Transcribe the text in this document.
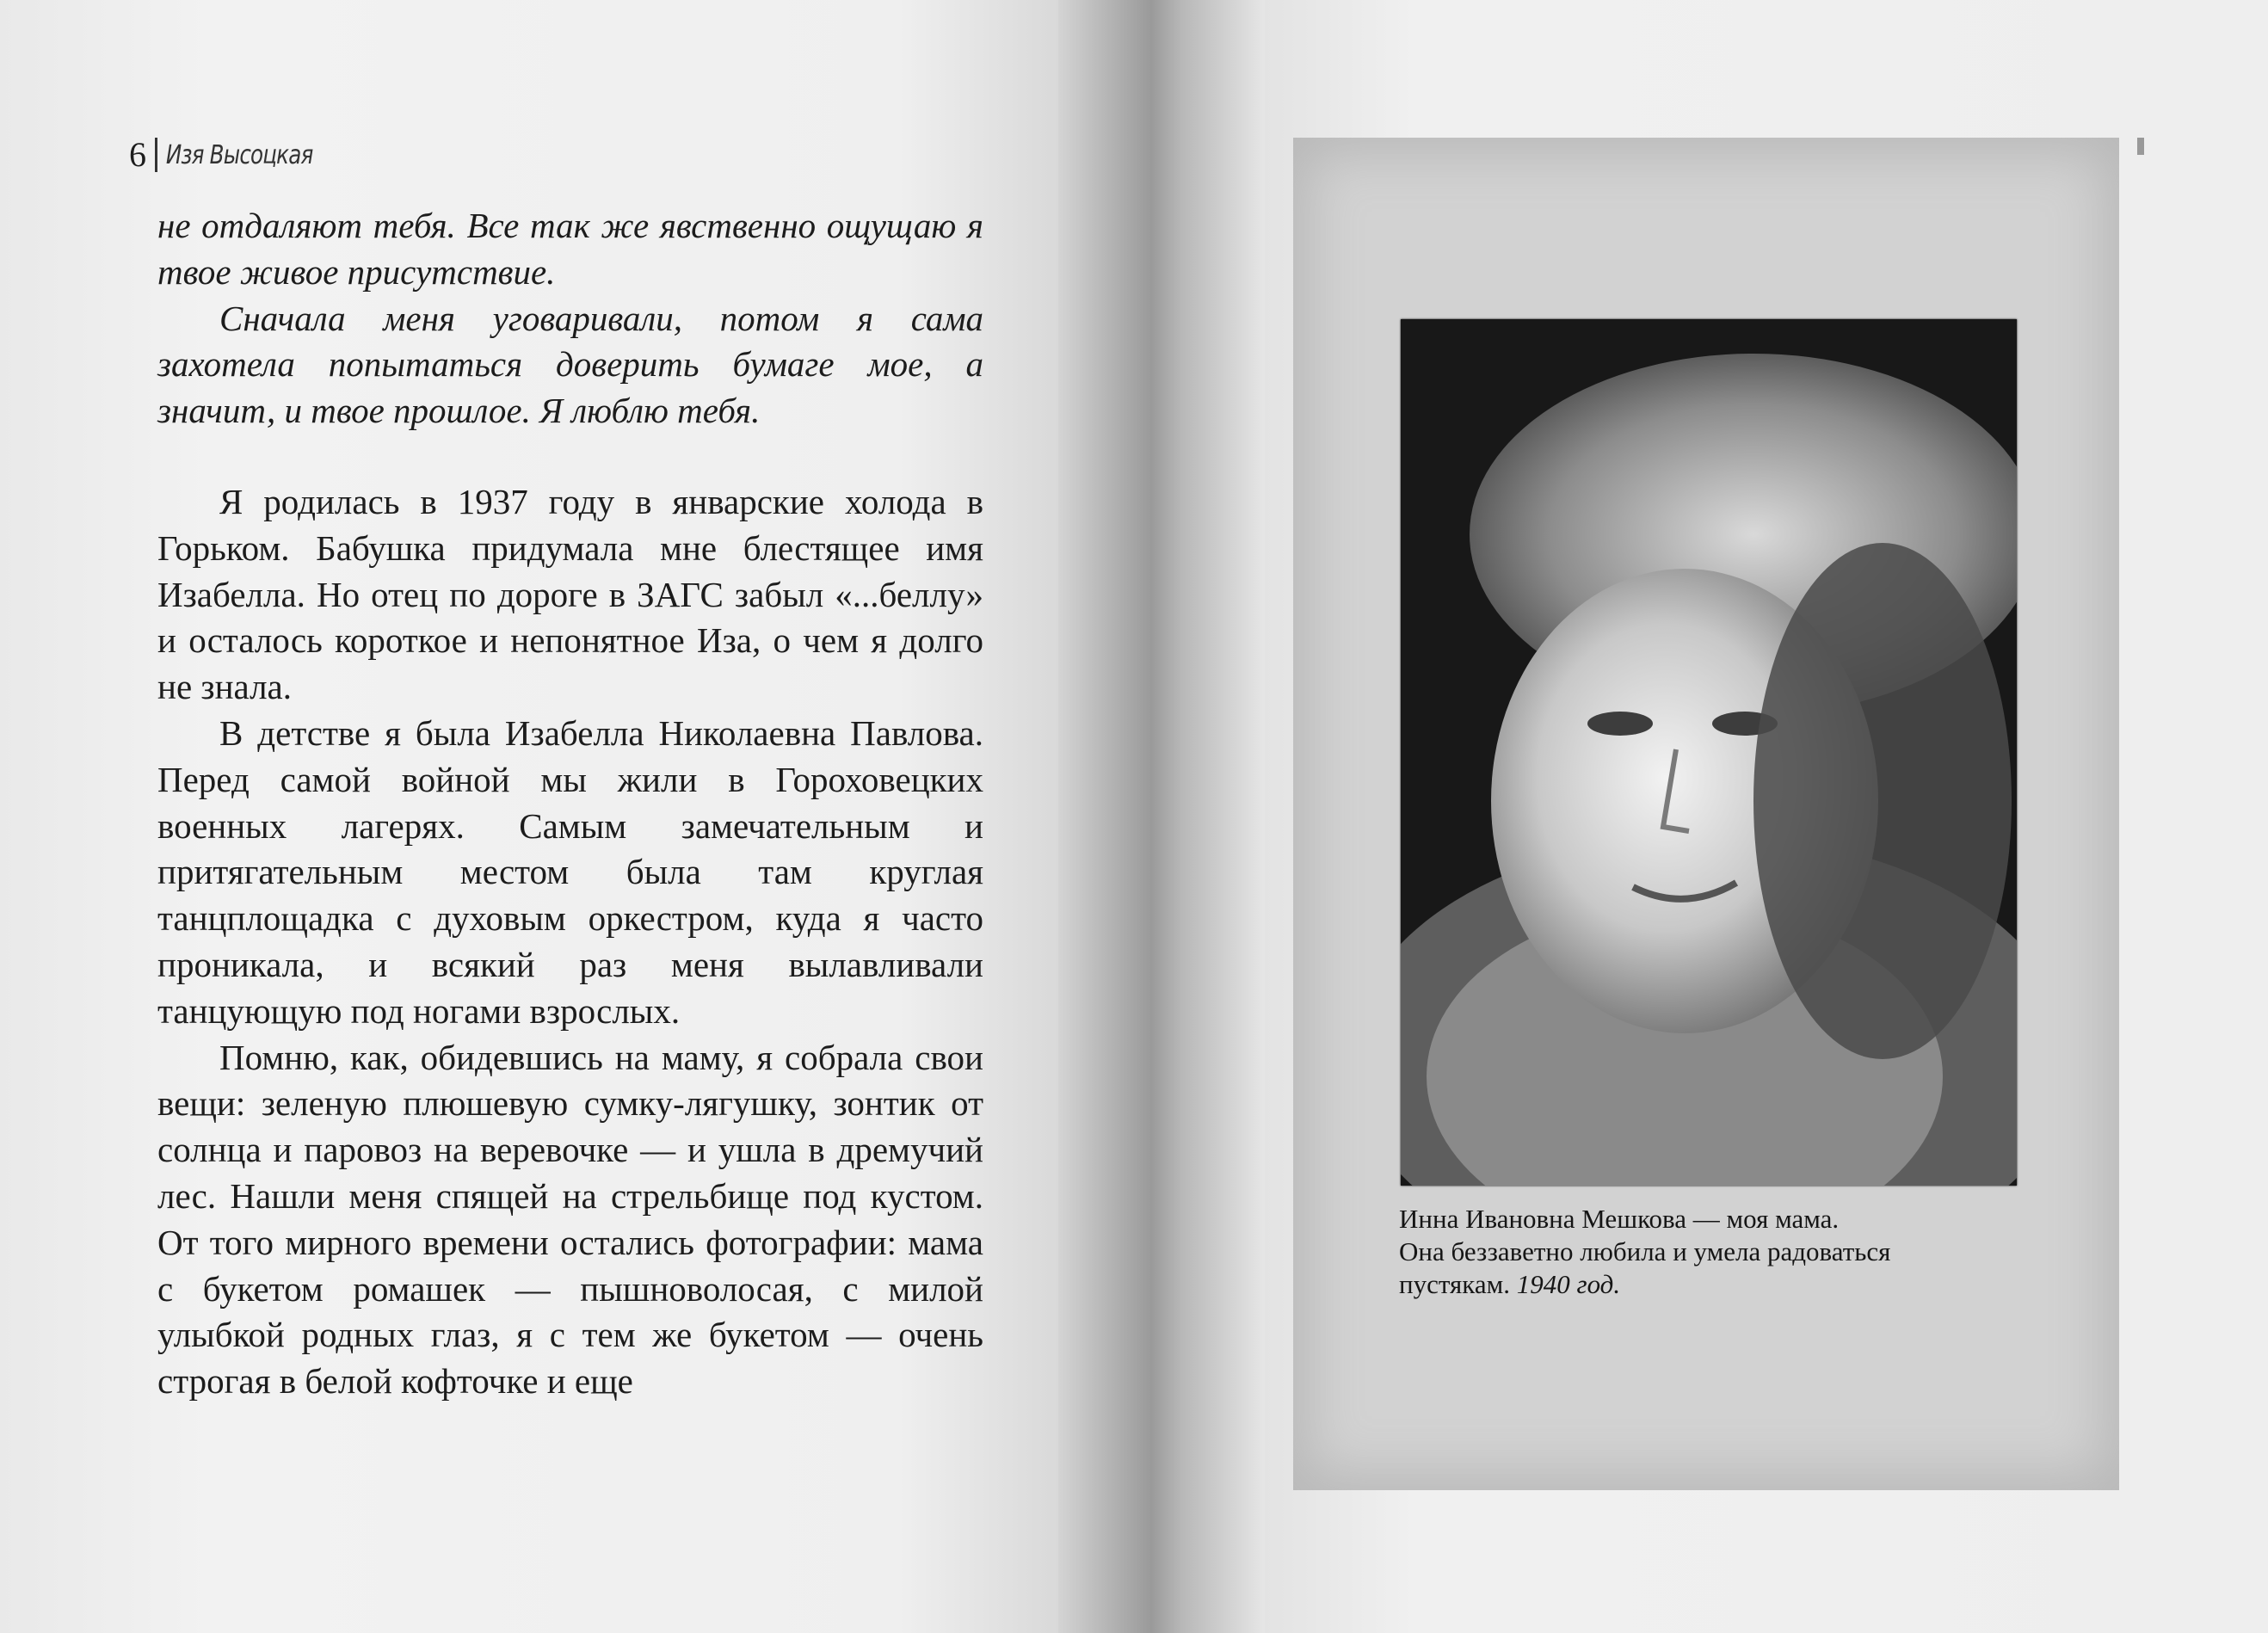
6 Изя Высоцкая

не отдаляют тебя. Все так же явственно ощущаю я твое живое присутствие.

Сначала меня уговаривали, потом я сама захотела попытаться доверить бумаге мое, а значит, и твое прошлое. Я люблю тебя.

Я родилась в 1937 году в январские холода в Горьком. Бабушка придумала мне блестящее имя Изабелла. Но отец по дороге в ЗАГС забыл «...беллу» и осталось короткое и непонятное Иза, о чем я долго не знала.

В детстве я была Изабелла Николаевна Павлова. Перед самой войной мы жили в Гороховецких военных лагерях. Самым замечательным и притягательным местом была там круглая танцплощадка с духовым оркестром, куда я часто проникала, и всякий раз меня вылавливали танцующую под ногами взрослых.

Помню, как, обидевшись на маму, я собрала свои вещи: зеленую плюшевую сумку-лягушку, зонтик от солнца и паровоз на веревочке — и ушла в дремучий лес. Нашли меня спящей на стрельбище под кустом. От того мирного времени остались фотографии: мама с букетом ромашек — пышноволосая, с милой улыбкой родных глаз, я с тем же букетом — очень строгая в белой кофточке и еще

Инна Ивановна Мешкова — моя мама.
Она беззаветно любила и умела радоваться
пустякам. 1940 год.
